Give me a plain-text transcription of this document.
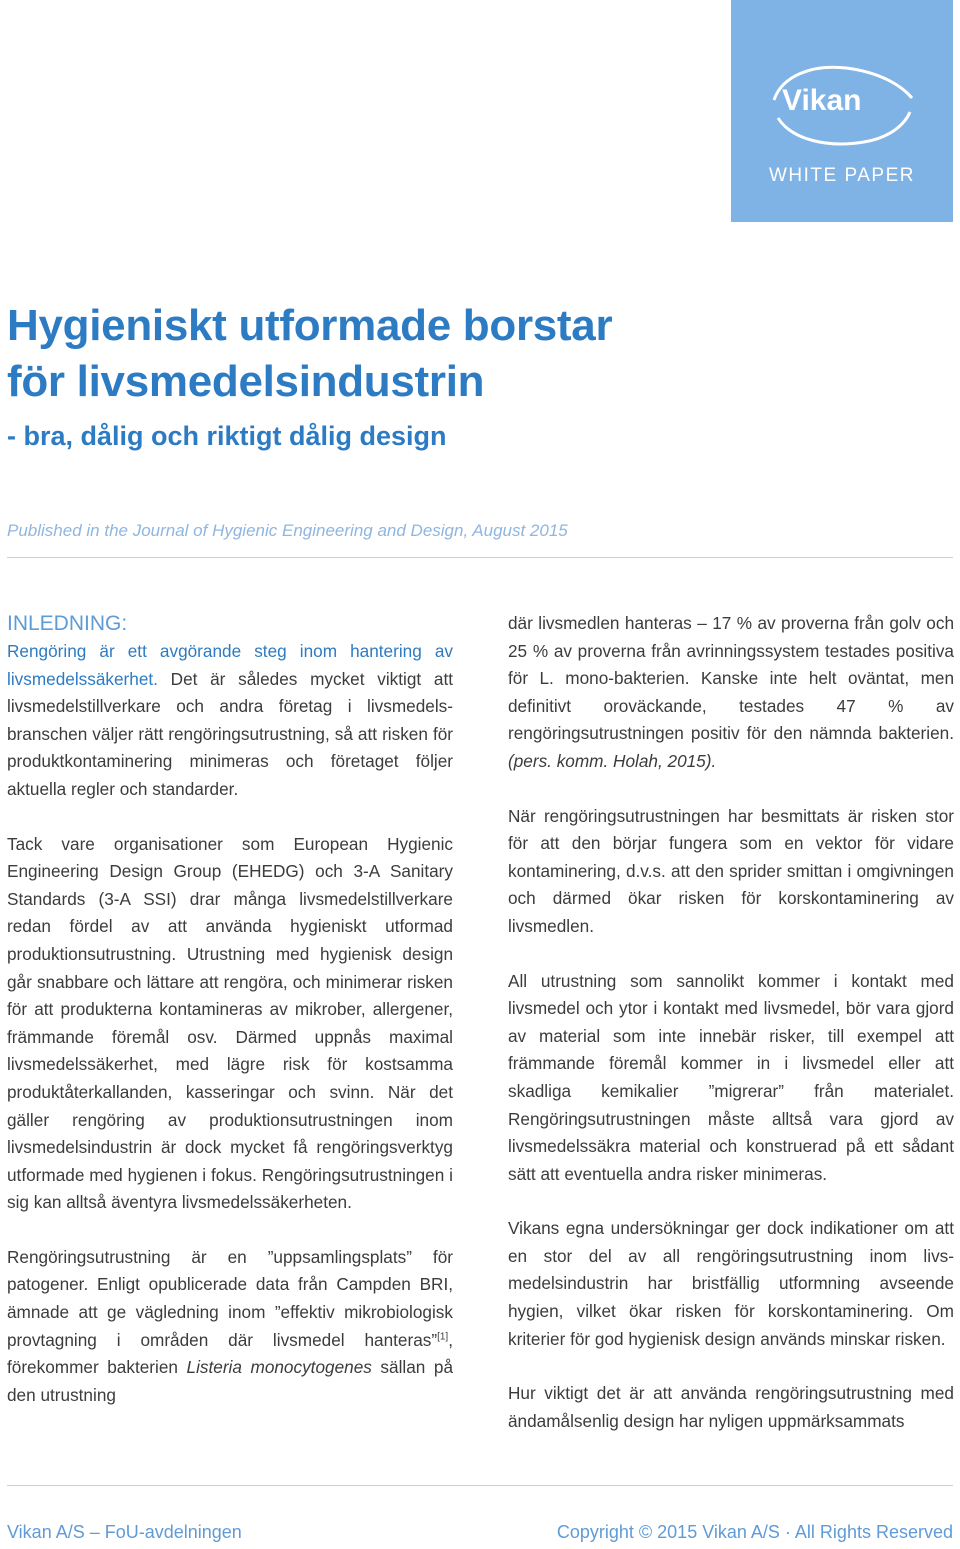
Vikan
WHITE PAPER
Hygieniskt utformade borstar
för livsmedelsindustrin
- bra, dålig och riktigt dålig design
Published in the Journal of Hygienic Engineering and Design, August 2015
INLEDNING:

Rengöring är ett avgörande steg inom hantering av livsmedelssäkerhet. Det är således mycket viktigt att livsmedelstillverkare och andra företag i livsmedelsbranschen väljer rätt rengöringsutrustning, så att risken för produktkontaminering minimeras och företaget följer aktuella regler och standarder.

Tack vare organisationer som European Hygienic Engineering Design Group (EHEDG) och 3-A Sanitary Standards (3-A SSI) drar många livsmedelstillverkare redan fördel av att använda hygieniskt utformad produktionsutrustning. Utrustning med hygienisk design går snabbare och lättare att rengöra, och minimerar risken för att produkterna kontamineras av mikrober, allergener, främmande föremål osv. Därmed uppnås maximal livsmedelssäkerhet, med lägre risk för kostsamma produktåterkallanden, kasseringar och svinn. När det gäller rengöring av produktionsutrustningen inom livsmedelsindustrin är dock mycket få rengöringsverktyg utformade med hygienen i fokus. Rengöringsutrustningen i sig kan alltså äventyra livsmedelssäkerheten.

Rengöringsutrustning är en ”uppsamlingsplats” för patogener. Enligt opublicerade data från Campden BRI, ämnade att ge vägledning inom ”effektiv mikrobiologisk provtagning i områden där livsmedel hanteras”[1], förekommer bakterien Listeria monocytogenes sällan på den utrustning

där livsmedlen hanteras – 17 % av proverna från golv och 25 % av proverna från avrinningssystem testades positiva för L. mono-bakterien. Kanske inte helt oväntat, men definitivt oroväckande, testades 47 % av rengöringsutrustningen positiv för den nämnda bakterien. (pers. komm. Holah, 2015).

När rengöringsutrustningen har besmittats är risken stor för att den börjar fungera som en vektor för vidare kontaminering, d.v.s. att den sprider smittan i omgivningen och därmed ökar risken för korskontaminering av livsmedlen.

All utrustning som sannolikt kommer i kontakt med livsmedel och ytor i kontakt med livsmedel, bör vara gjord av material som inte innebär risker, till exempel att främmande föremål kommer in i livsmedel eller att skadliga kemikalier ”migrerar” från materialet. Rengöringsutrustningen måste alltså vara gjord av livsmedelssäkra material och konstruerad på ett sådant sätt att eventuella andra risker minimeras.

Vikans egna undersökningar ger dock indikationer om att en stor del av all rengöringsutrustning inom livsmedelsindustrin har bristfällig utformning avseende hygien, vilket ökar risken för korskontaminering. Om kriterier för god hygienisk design används minskar risken.

Hur viktigt det är att använda rengöringsutrustning med ändamålsenlig design har nyligen uppmärksammats

Vikan A/S – FoU-avdelningen	Copyright © 2015 Vikan A/S · All Rights Reserved
